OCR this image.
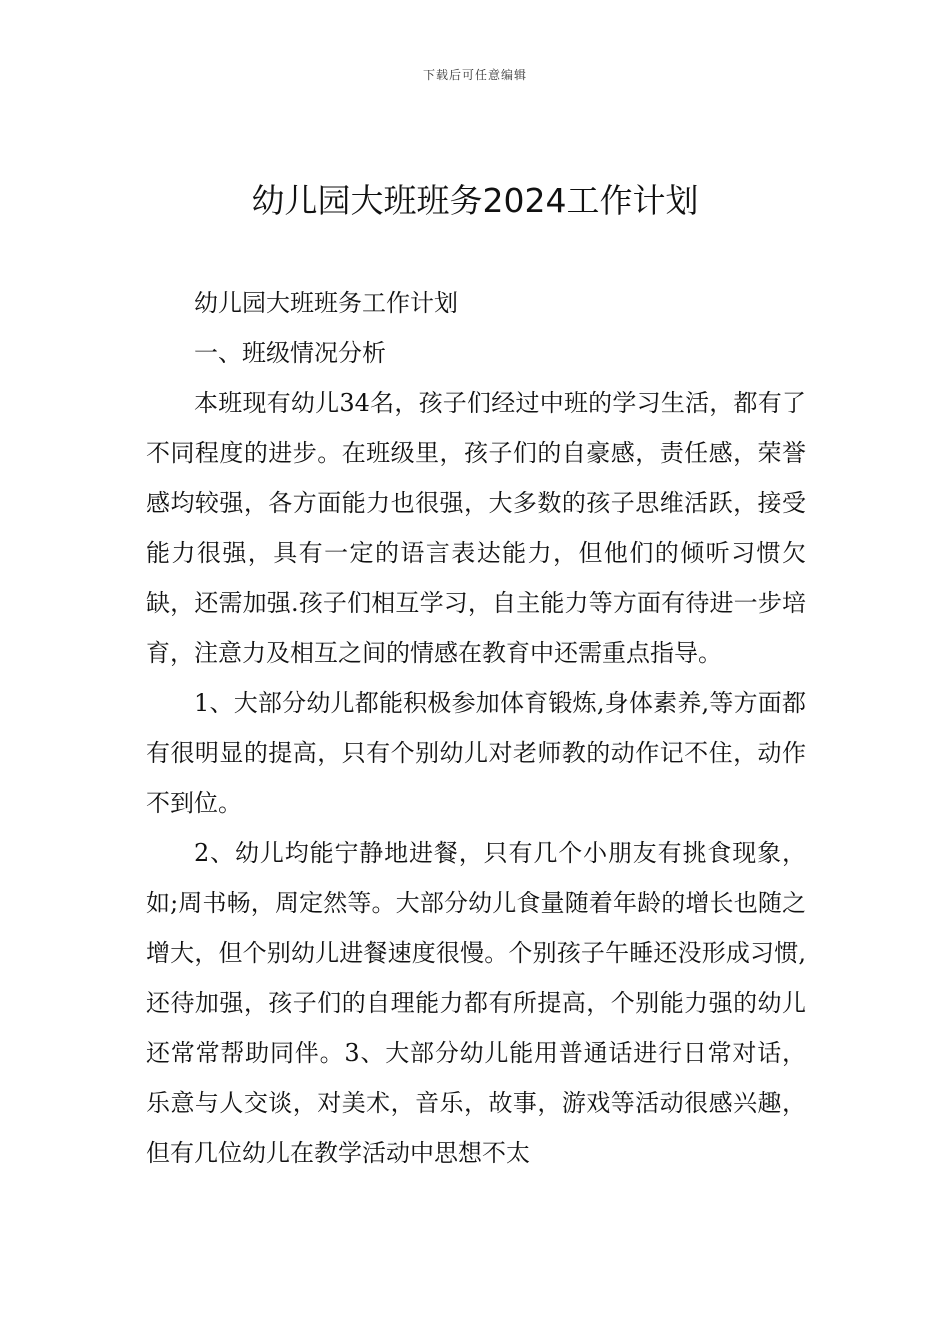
下载后可任意编辑
幼儿园大班班务2024工作计划

幼儿园大班班务工作计划

一、班级情况分析

本班现有幼儿34名，孩子们经过中班的学习生活，都有了不同程度的进步。在班级里，孩子们的自豪感，责任感，荣誉感均较强，各方面能力也很强，大多数的孩子思维活跃，接受能力很强，具有一定的语言表达能力，但他们的倾听习惯欠缺，还需加强.孩子们相互学习，自主能力等方面有待进一步培育，注意力及相互之间的情感在教育中还需重点指导。

1、大部分幼儿都能积极参加体育锻炼,身体素养,等方面都有很明显的提高，只有个别幼儿对老师教的动作记不住，动作不到位。

2、幼儿均能宁静地进餐，只有几个小朋友有挑食现象，如;周书畅，周定然等。大部分幼儿食量随着年龄的增长也随之增大，但个别幼儿进餐速度很慢。个别孩子午睡还没形成习惯,还待加强，孩子们的自理能力都有所提高，个别能力强的幼儿还常常帮助同伴。3、大部分幼儿能用普通话进行日常对话，乐意与人交谈，对美术，音乐，故事，游戏等活动很感兴趣，但有几位幼儿在教学活动中思想不太
